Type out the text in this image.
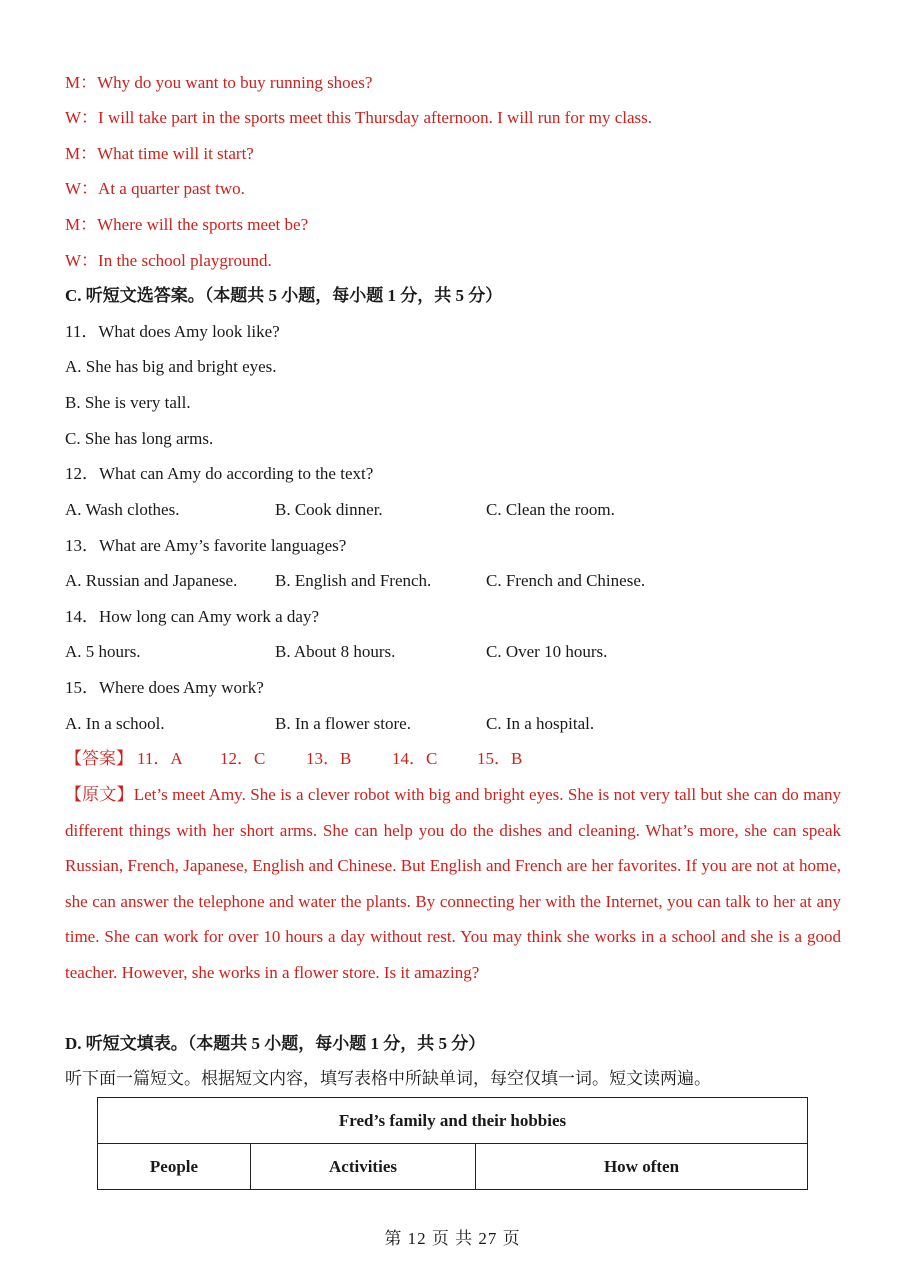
M：Why do you want to buy running shoes?
W：I will take part in the sports meet this Thursday afternoon. I will run for my class.
M：What time will it start?
W：At a quarter past two.
M：Where will the sports meet be?
W：In the school playground.
C. 听短文选答案。（本题共 5 小题，每小题 1 分，共 5 分）
11．What does Amy look like?
A. She has big and bright eyes.
B. She is very tall.
C. She has long arms.
12．What can Amy do according to the text?
A. Wash clothes.	B. Cook dinner.	C. Clean the room.
13．What are Amy’s favorite languages?
A. Russian and Japanese. B. English and French.	C. French and Chinese.
14．How long can Amy work a day?
A. 5 hours.	B. About 8 hours.	C. Over 10 hours.
15．Where does Amy work?
A. In a school.	B. In a flower store.	C. In a hospital.
【答案】 11．A 12．C 13．B 14．C 15．B
【原文】Let’s meet Amy. She is a clever robot with big and bright eyes. She is not very tall but she can do many different things with her short arms. She can help you do the dishes and cleaning. What’s more, she can speak Russian, French, Japanese, English and Chinese. But English and French are her favorites. If you are not at home, she can answer the telephone and water the plants. By connecting her with the Internet, you can talk to her at any time. She can work for over 10 hours a day without rest. You may think she works in a school and she is a good teacher. However, she works in a flower store. Is it amazing?
D. 听短文填表。（本题共 5 小题，每小题 1 分，共 5 分）
听下面一篇短文。根据短文内容，填写表格中所缺单词，每空仅填一词。短文读两遍。
Fred’s family and their hobbies
People	Activities	How often
第 12 页 共 27 页
